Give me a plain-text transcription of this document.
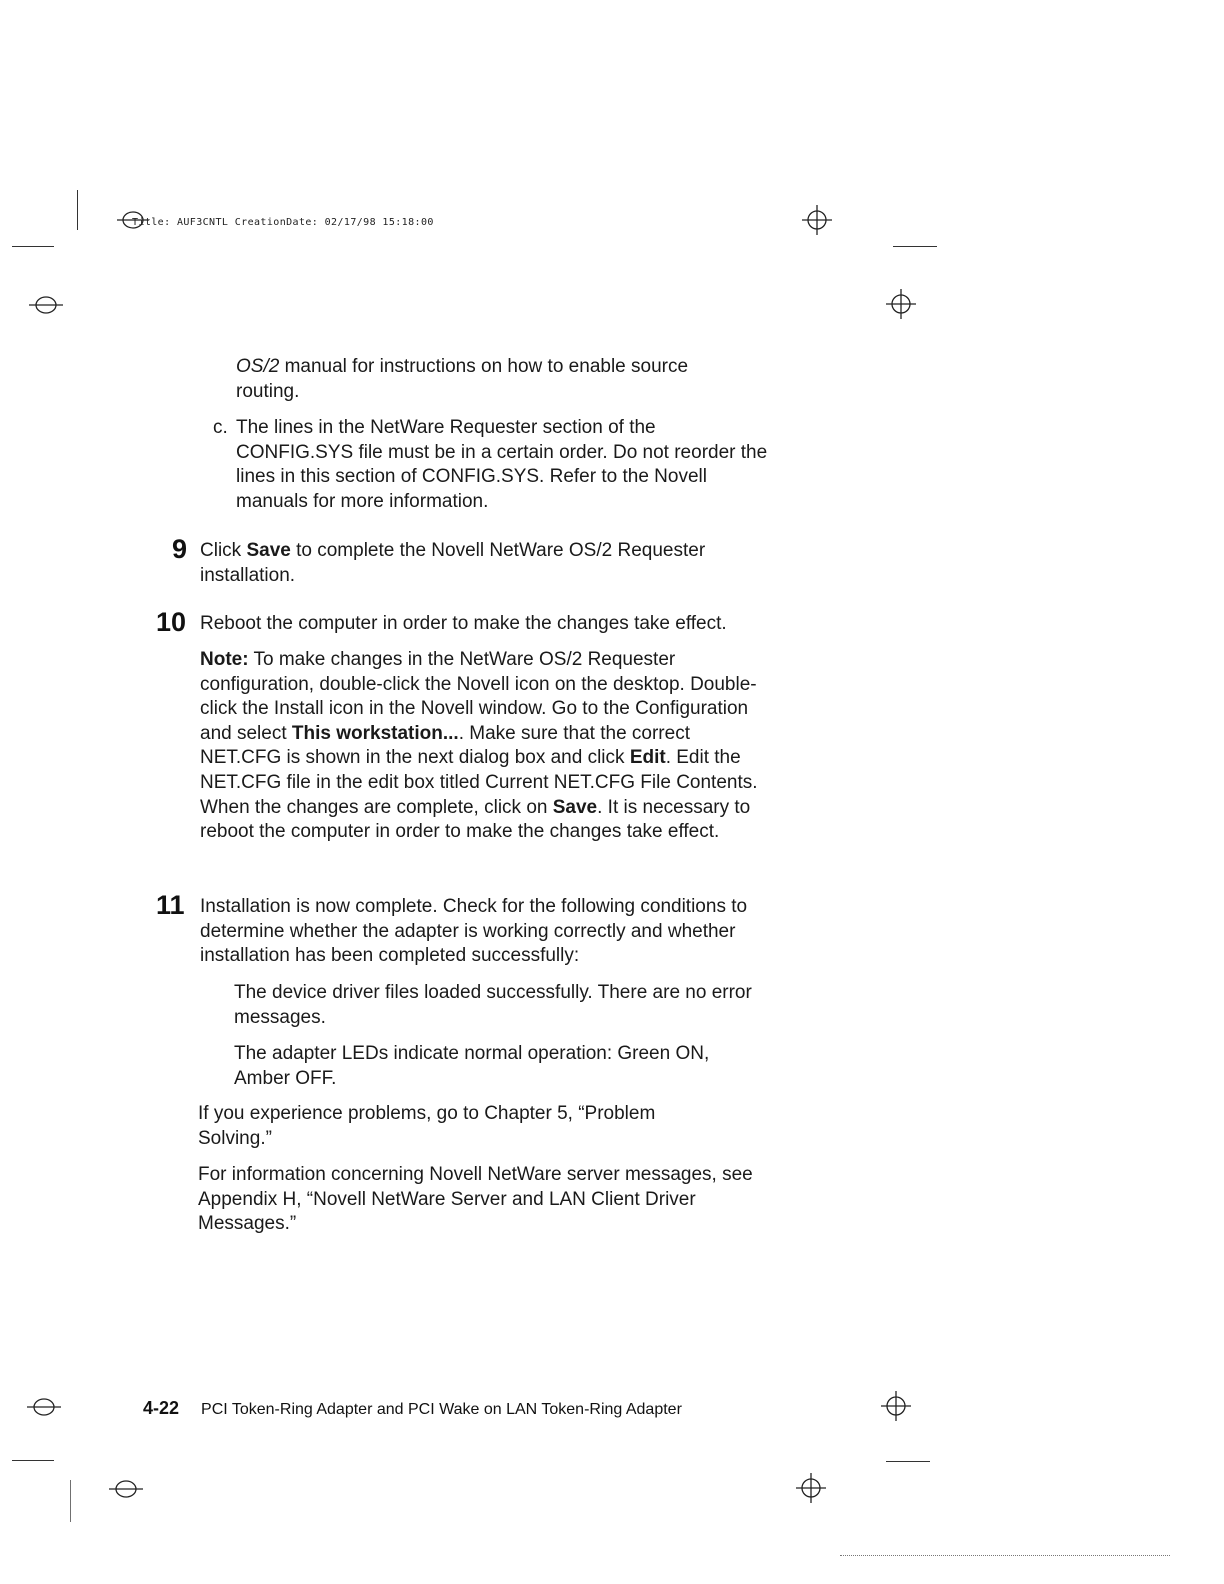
Title: AUF3CNTL CreationDate: 02/17/98 15:18:00

OS/2 manual for instructions on how to enable source routing.

c. The lines in the NetWare Requester section of the CONFIG.SYS file must be in a certain order. Do not reorder the lines in this section of CONFIG.SYS. Refer to the Novell manuals for more information.

9 Click Save to complete the Novell NetWare OS/2 Requester installation.

10 Reboot the computer in order to make the changes take effect.

Note: To make changes in the NetWare OS/2 Requester configuration, double-click the Novell icon on the desktop. Double-click the Install icon in the Novell window. Go to the Configuration and select This workstation.... Make sure that the correct NET.CFG is shown in the next dialog box and click Edit. Edit the NET.CFG file in the edit box titled Current NET.CFG File Contents. When the changes are complete, click on Save. It is necessary to reboot the computer in order to make the changes take effect.

11 Installation is now complete. Check for the following conditions to determine whether the adapter is working correctly and whether installation has been completed successfully:

The device driver files loaded successfully. There are no error messages.

The adapter LEDs indicate normal operation: Green ON, Amber OFF.

If you experience problems, go to Chapter 5, “Problem Solving.”

For information concerning Novell NetWare server messages, see Appendix H, “Novell NetWare Server and LAN Client Driver Messages.”

4-22 PCI Token-Ring Adapter and PCI Wake on LAN Token-Ring Adapter
